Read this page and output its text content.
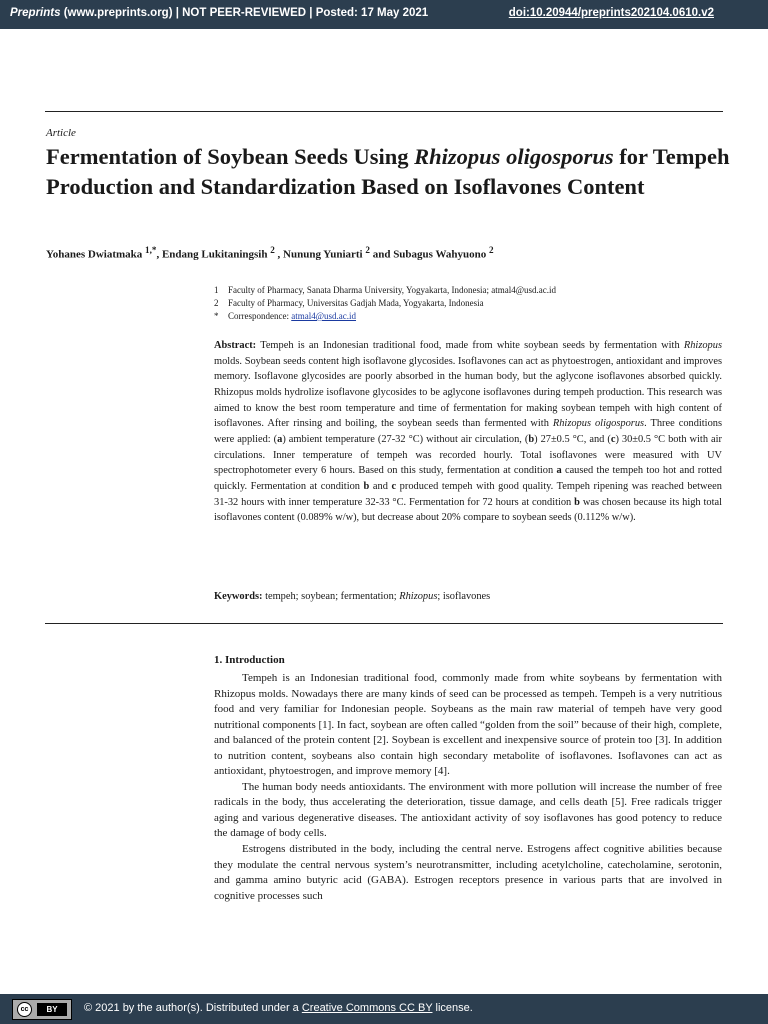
Preprints (www.preprints.org) | NOT PEER-REVIEWED | Posted: 17 May 2021	doi:10.20944/preprints202104.0610.v2
Article
Fermentation of Soybean Seeds Using Rhizopus oligosporus for Tempeh Production and Standardization Based on Isoflavones Content
Yohanes Dwiatmaka $^{1,*}$, Endang Lukitaningsih $^2$ , Nunung Yuniarti $^2$ and Subagus Wahyuono $^2$
1 Faculty of Pharmacy, Sanata Dharma University, Yogyakarta, Indonesia; atmal4@usd.ac.id
2 Faculty of Pharmacy, Universitas Gadjah Mada, Yogyakarta, Indonesia
* Correspondence: atmal4@usd.ac.id

Abstract: Tempeh is an Indonesian traditional food, made from white soybean seeds by fermentation with Rhizopus molds. Soybean seeds content high isoflavone glycosides. Isoflavones can act as phytoestrogen, antioxidant and improves memory. Isoflavone glycosides are poorly absorbed in the human body, but the aglycone isoflavones absorbed quickly. Rhizopus molds hydrolize isoflavone glycosides to be aglycone isoflavones during tempeh production. This research was aimed to know the best room temperature and time of fermentation for making soybean tempeh with high content of isoflavones. After rinsing and boiling, the soybean seeds than fermented with Rhizopus oligosporus. Three conditions were applied: (a) ambient temperature (27-32 °C) without air circulation, (b) 27±0.5 °C, and (c) 30±0.5 °C both with air circulations. Inner temperature of tempeh was recorded hourly. Total isoflavones were measured with UV spectrophotometer every 6 hours. Based on this study, fermentation at condition a caused the tempeh too hot and rotted quickly. Fermentation at condition b and c produced tempeh with good quality. Tempeh ripening was reached between 31-32 hours with inner temperature 32-33 °C. Fermentation for 72 hours at condition b was chosen because its high total isoflavones content (0.089% w/w), but decrease about 20% compare to soybean seeds (0.112% w/w).

Keywords: tempeh; soybean; fermentation; Rhizopus; isoflavones
1. Introduction

Tempeh is an Indonesian traditional food, commonly made from white soybeans by fermentation with Rhizopus molds. Nowadays there are many kinds of seed can be processed as tempeh. Tempeh is a very nutritious food and very familiar for Indonesian people. Soybeans as the main raw material of tempeh have very good nutritional components [1]. In fact, soybean are often called “golden from the soil” because of their high, complete, and balanced of the protein content [2]. Soybean is excellent and inexpensive source of protein too [3]. In addition to nutrition content, soybeans also contain high secondary metabolite of isoflavones. Isoflavones can act as antioxidant, phytoestrogen, and improve memory [4].

The human body needs antioxidants. The environment with more pollution will increase the number of free radicals in the body, thus accelerating the deterioration, tissue damage, and cells death [5]. Free radicals trigger aging and various degenerative diseases. The antioxidant activity of soy isoflavones has good potency to reduce the damage of body cells.

Estrogens distributed in the body, including the central nerve. Estrogens affect cognitive abilities because they modulate the central nervous system’s neurotransmitter, including acetylcholine, catecholamine, serotonin, and gamma amino butyric acid (GABA). Estrogen receptors presence in various parts that are involved in cognitive processes such

cc	BY	© 2021 by the author(s). Distributed under a Creative Commons CC BY license.
